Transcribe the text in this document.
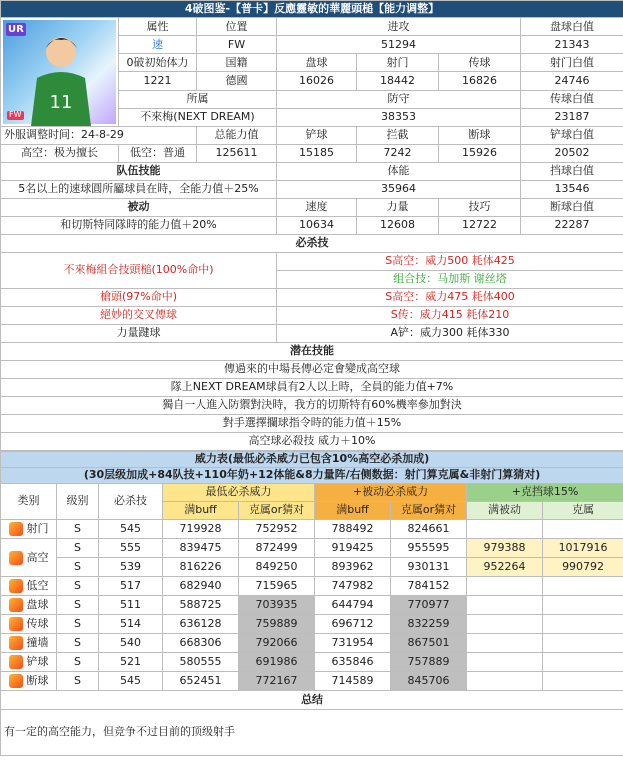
4破图鉴-【普卡】反應靈敏的華麗頭槌【能力调整】						

UR
11
FW	属性	位置	进攻			盘球白值
	速	FW	51294			21343
	0破初始体力	国籍	盘球	射门	传球	射门白值
	1221	德國	16026	18442	16826	24746
	所属		防守			传球白值
	不來梅(NEXT DREAM)		38353			23187
外服调整时间：24-8-29		总能力值	铲球	拦截	断球	铲球白值
高空：极为擅长	低空：普通	125611	15185	7242	15926	20502
队伍技能			体能			挡球白值
5名以上的速球圓所屬球員在時，全能力值＋25%			35964			13546
被动			速度	力量	技巧	断球白值
和切斯特同隊時的能力值＋20%			10634	12608	12722	22287
必杀技						
不來梅組合技頭槌(100%命中)			S高空：威力500 耗体425			
			组合技：马加斯 谢丝塔			
槍頭(97%命中)			S高空：威力475 耗体400			
絕妙的交叉傳球			S传：威力415 耗体210			
力量踺球			A铲：威力300 耗体330			
潜在技能						
傳過來的中場長傳必定會變成高空球						
隊上NEXT DREAM球員有2人以上時，全員的能力值+7%						
獨自一人進入防禦對決時，我方的切斯特有60%機率參加對決						
對手選擇攔球指令時的能力值＋15%						
高空球必殺技 威力＋10%						
威力表(最低必杀威力已包含10%高空必杀加成)								
(30层级加成+84队技+110年奶+12体能&8力量阵/右侧数据：射门算克属&非射门算猜对)								
类别	级别	必杀技	最低必杀威力		+被动必杀威力		+克挡球15%	
			满buff	克属or猜对	满buff	克属or猜对	满被动	克属
射门	S	545	719928	752952	788492	824661		
高空	S	555	839475	872499	919425	955595	979388	1017916
	S	539	816226	849250	893962	930131	952264	990792
低空	S	517	682940	715965	747982	784152		
盘球	S	511	588725	703935	644794	770977		
传球	S	514	636128	759889	696712	832259		
撞墙	S	540	668306	792066	731954	867501		
铲球	S	521	580555	691986	635846	757889		
断球	S	545	652451	772167	714589	845706		
总结								
有一定的高空能力，但竞争不过目前的顶级射手								
